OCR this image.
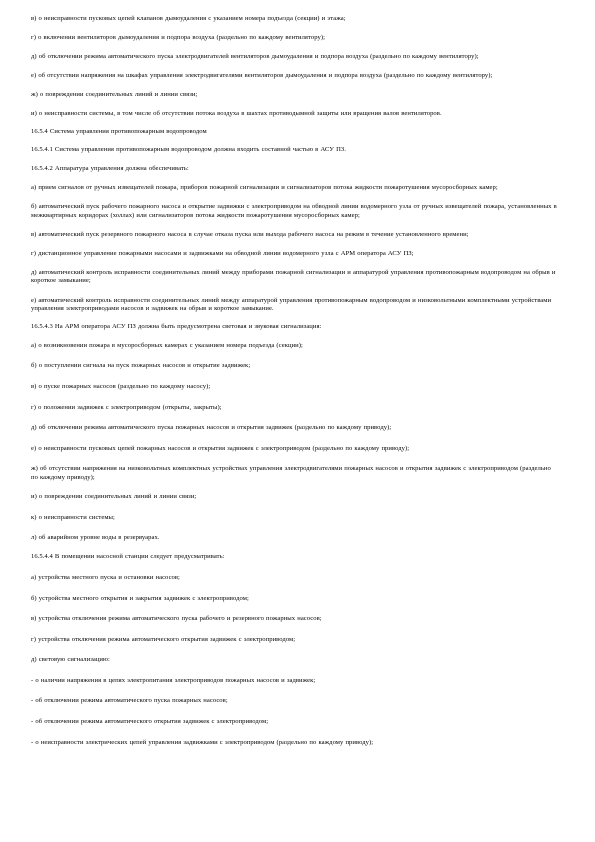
в) о неисправности пусковых цепей клапанов дымоудаления с указанием номера подъезда (секции) и этажа;

г) о включении вентиляторов дымоудаления и подпора воздуха (раздельно по каждому вентилятору);

д) об отключении режима автоматического пуска электродвигателей вентиляторов дымоудаления и подпора воздуха (раздельно по каждому вентилятору);

е) об отсутствии напряжения на шкафах управления электродвигателями вентиляторов дымоудаления и подпора воздуха (раздельно по каждому вентилятору);

ж) о повреждении соединительных линий и линии связи;

и) о неисправности системы, в том числе об отсутствии потока воздуха в шахтах противодымной защиты или вращения валов вентиляторов.

16.5.4 Система управления противопожарным водопроводом

16.5.4.1 Система управления противопожарным водопроводом должна входить составной частью в АСУ ПЗ.

16.5.4.2 Аппаратура управления должна обеспечивать:

а) прием сигналов от ручных извещателей пожара, приборов пожарной сигнализации и сигнализаторов потока жидкости пожаротушения мусоросборных камер;

б) автоматический пуск рабочего пожарного насоса и открытие задвижки с электроприводом на обводной линии водомерного узла от ручных извещателей пожара, установленных в межквартирных коридорах (холлах) или сигнализаторов потока жидкости пожаротушения мусоросборных камер;

в) автоматический пуск резервного пожарного насоса в случае отказа пуска или выхода рабочего насоса на режим в течение установленного времени;

г) дистанционное управление пожарными насосами и задвижками на обводной линии водомерного узла с АРМ оператора АСУ ПЗ;

д) автоматический контроль исправности соединительных линий между приборами пожарной сигнализации и аппаратурой управления противопожарным водопроводом на обрыв и короткое замыкание;

е) автоматический контроль исправности соединительных линий между аппаратурой управления противопожарным водопроводом и низковольтными комплектными устройствами управления электроприводами насосов и задвижек на обрыв и короткое замыкание.

16.5.4.3 На АРМ оператора АСУ ПЗ должна быть предусмотрена световая и звуковая сигнализация:

а) о возникновении пожара в мусоросборных камерах с указанием номера подъезда (секции);

б) о поступлении сигнала на пуск пожарных насосов и открытие задвижек;

в) о пуске пожарных насосов (раздельно по каждому насосу);

г) о положении задвижек с электроприводом (открыты, закрыты);

д) об отключении режима автоматического пуска пожарных насосов и открытия задвижек (раздельно по каждому приводу);

е) о неисправности пусковых цепей пожарных насосов и открытия задвижек с электроприводом (раздельно по каждому приводу);

ж) об отсутствии напряжения на низковольтных комплектных устройствах управления электродвигателями пожарных насосов и открытия задвижек с электроприводом (раздельно по каждому приводу);

и) о повреждении соединительных линий и линии связи;

к) о неисправности системы;

л) об аварийном уровне воды в резервуарах.

16.5.4.4 В помещении насосной станции следует предусматривать:

а) устройства местного пуска и остановки насосов;

б) устройства местного открытия и закрытия задвижек с электроприводом;

в) устройства отключения режима автоматического пуска рабочего и резервного пожарных насосов;

г) устройства отключения режима автоматического открытия задвижек с электроприводом;

д) световую сигнализацию:

- о наличии напряжения в цепях электропитания электроприводов пожарных насосов и задвижек;

- об отключении режима автоматического пуска пожарных насосов;

- об отключении режима автоматического открытия задвижек с электроприводом;

- о неисправности электрических цепей управления задвижками с электроприводом (раздельно по каждому приводу);
